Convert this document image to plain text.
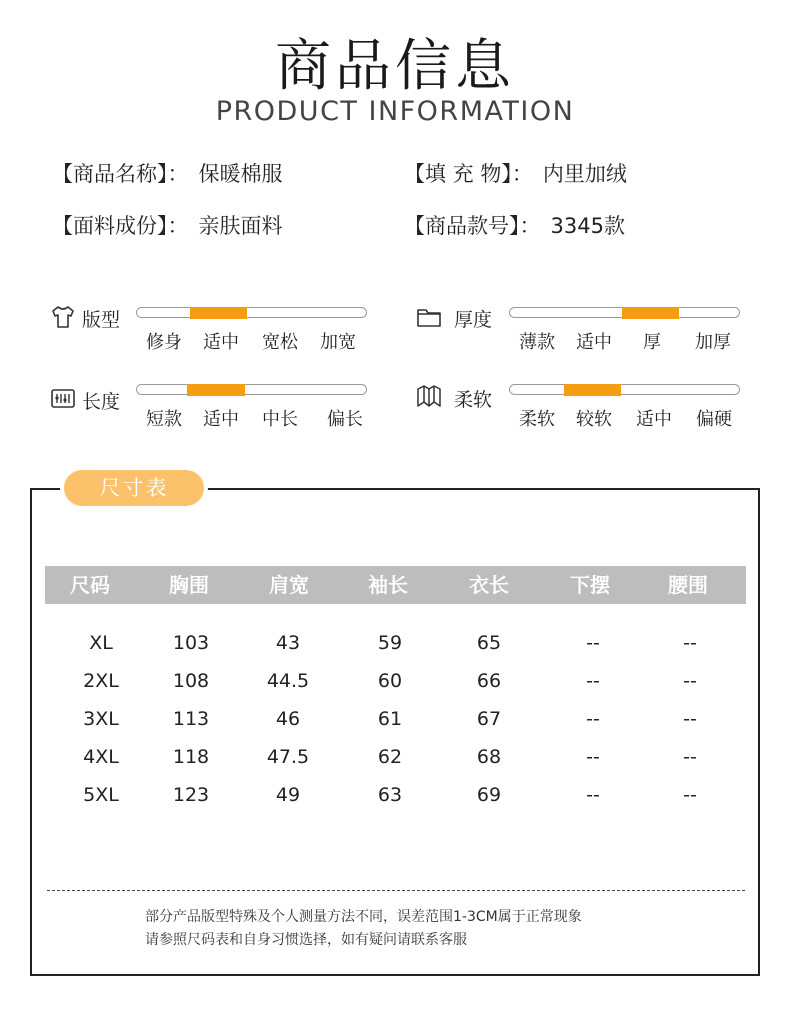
商品信息
PRODUCT INFORMATION
【商品名称】： 保暖棉服	【填 充 物】： 内里加绒
【面料成份】： 亲肤面料	【商品款号】： 3345款
版型
修身 适中 宽松 加宽
厚度
薄款 适中 厚 加厚
长度
短款 适中 中长 偏长
柔软
柔软 较软 适中 偏硬
尺寸表
尺码	胸围	肩宽	袖长	衣长	下摆	腰围
XL	103	43	59	65	--	--
2XL	108	44.5	60	66	--	--
3XL	113	46	61	67	--	--
4XL	118	47.5	62	68	--	--
5XL	123	49	63	69	--	--
部分产品版型特殊及个人测量方法不同，误差范围1-3CM属于正常现象
请参照尺码表和自身习惯选择，如有疑问请联系客服
